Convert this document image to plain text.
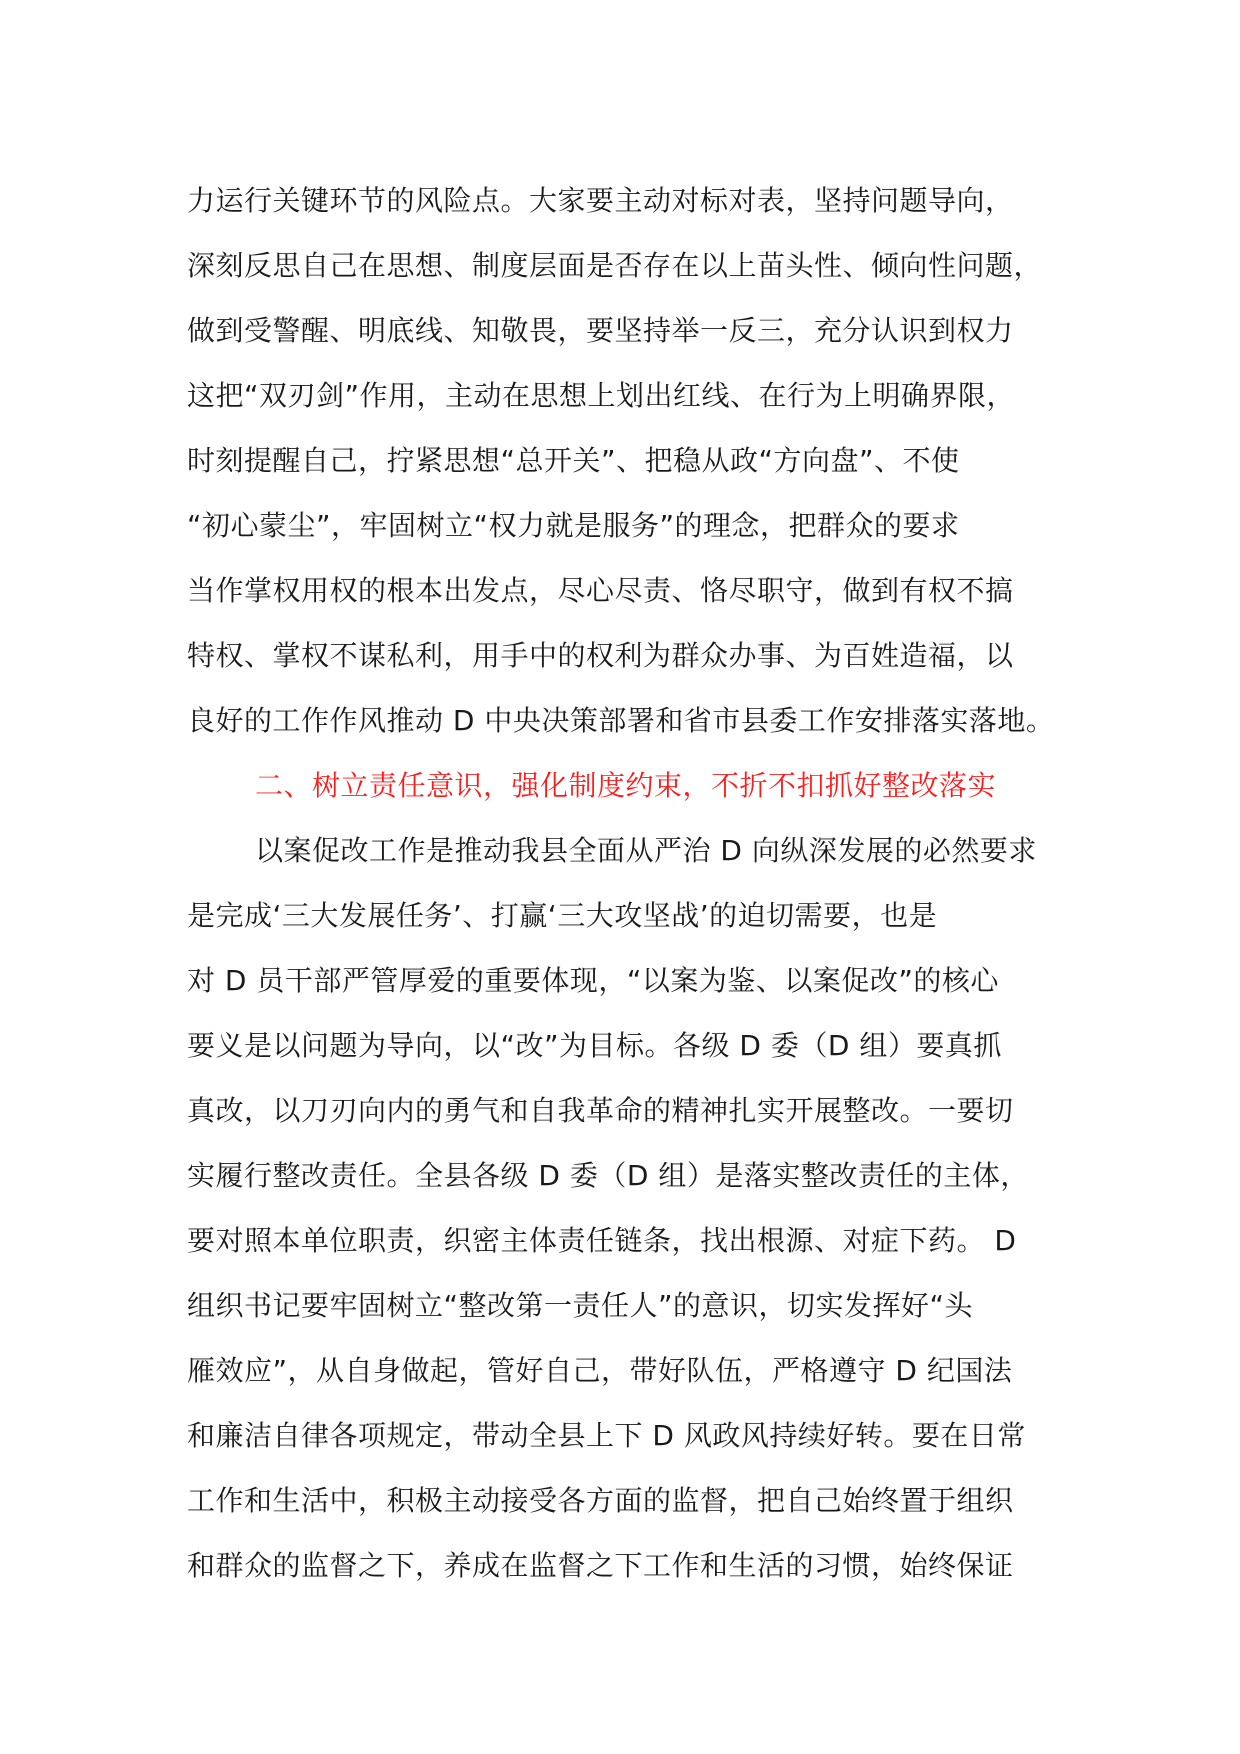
力运行关键环节的风险点。大家要主动对标对表，坚持问题导向，
深刻反思自己在思想、制度层面是否存在以上苗头性、倾向性问题，
做到受警醒、明底线、知敬畏，要坚持举一反三，充分认识到权力
这把“双刃剑”作用，主动在思想上划出红线、在行为上明确界限，
时刻提醒自己，拧紧思想“总开关”、把稳从政“方向盘”、不使
“初心蒙尘”，牢固树立“权力就是服务”的理念，把群众的要求
当作掌权用权的根本出发点，尽心尽责、恪尽职守，做到有权不搞
特权、掌权不谋私利，用手中的权利为群众办事、为百姓造福，以
良好的工作作风推动 D 中央决策部署和省市县委工作安排落实落地。
二、树立责任意识，强化制度约束，不折不扣抓好整改落实
以案促改工作是推动我县全面从严治 D 向纵深发展的必然要求
是完成‘三大发展任务’、打赢‘三大攻坚战’的迫切需要，也是
对 D 员干部严管厚爱的重要体现，“以案为鉴、以案促改”的核心
要义是以问题为导向，以“改”为目标。各级 D 委（D 组）要真抓
真改，以刀刃向内的勇气和自我革命的精神扎实开展整改。一要切
实履行整改责任。全县各级 D 委（D 组）是落实整改责任的主体，
要对照本单位职责，织密主体责任链条，找出根源、对症下药。 D
组织书记要牢固树立“整改第一责任人”的意识，切实发挥好“头
雁效应”，从自身做起，管好自己，带好队伍，严格遵守 D 纪国法
和廉洁自律各项规定，带动全县上下 D 风政风持续好转。要在日常
工作和生活中，积极主动接受各方面的监督，把自己始终置于组织
和群众的监督之下，养成在监督之下工作和生活的习惯，始终保证
